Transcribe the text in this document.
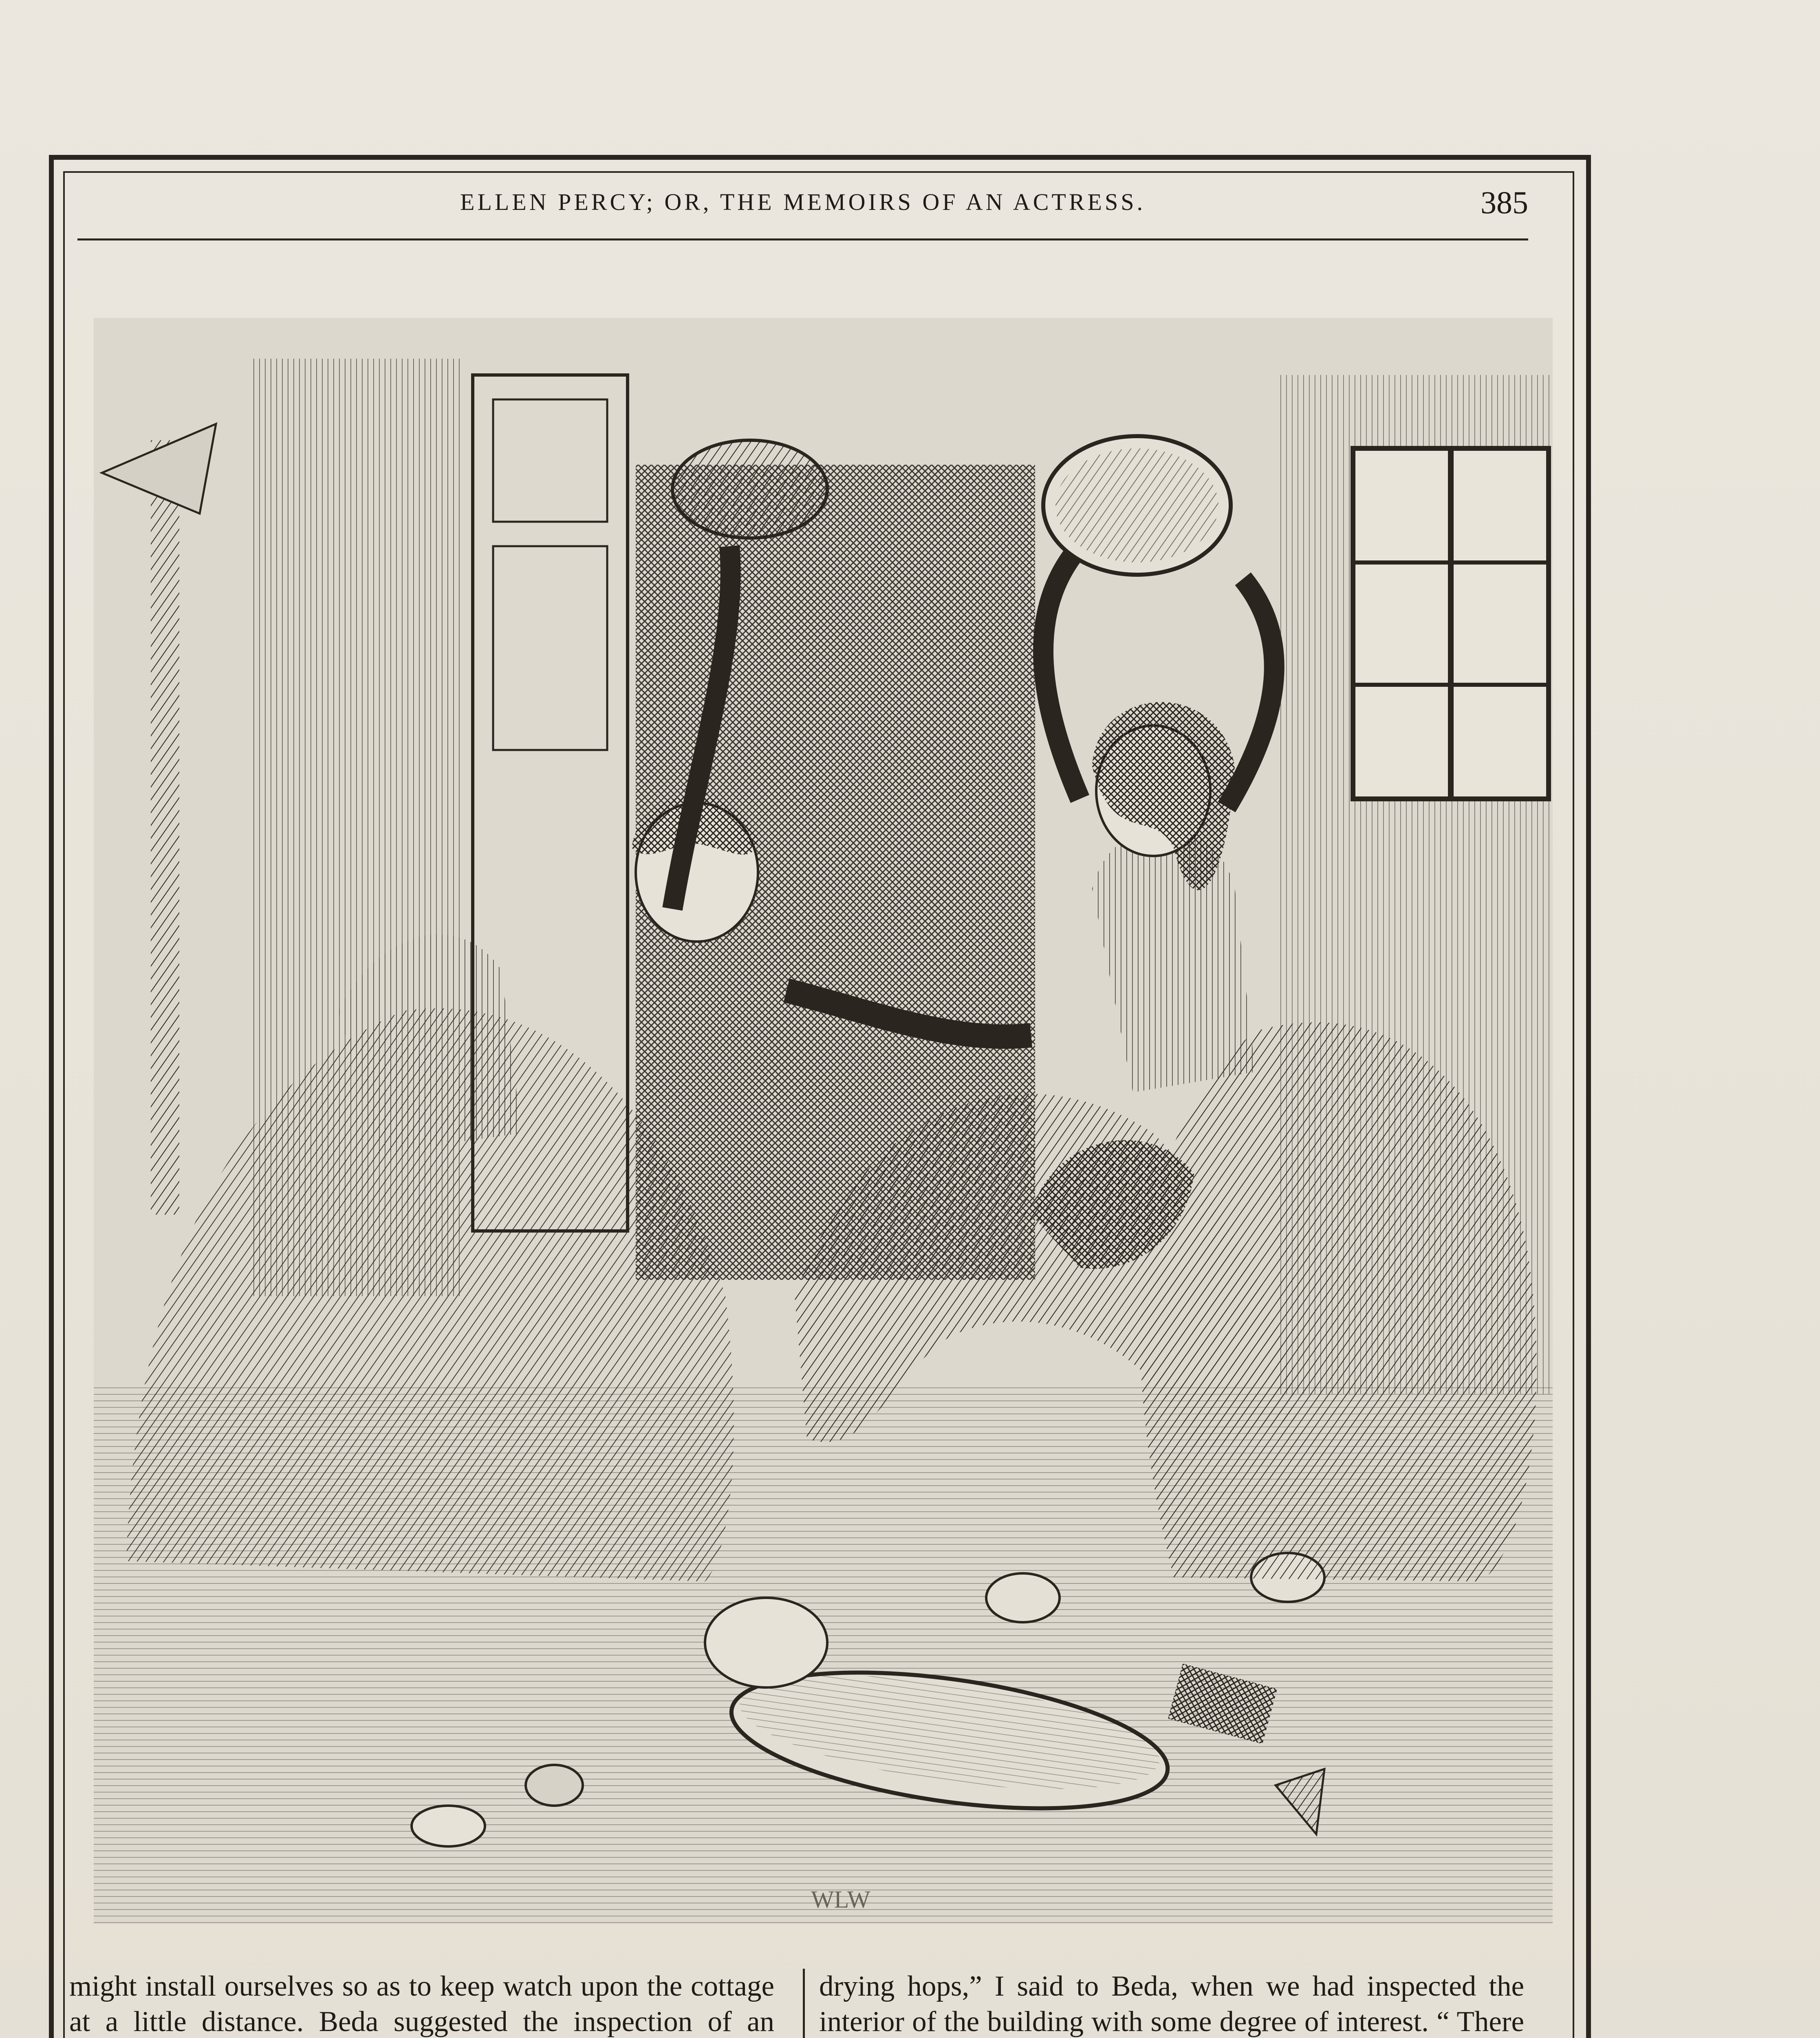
ELLEN PERCY; OR, THE MEMOIRS OF AN ACTRESS.	385
WLW

might install ourselves so as to keep watch upon the cottage at a little distance. Beda suggested the inspection of an

drying hops,” I said to Beda, when we had inspected the interior of the building with some degree of interest. “ There
